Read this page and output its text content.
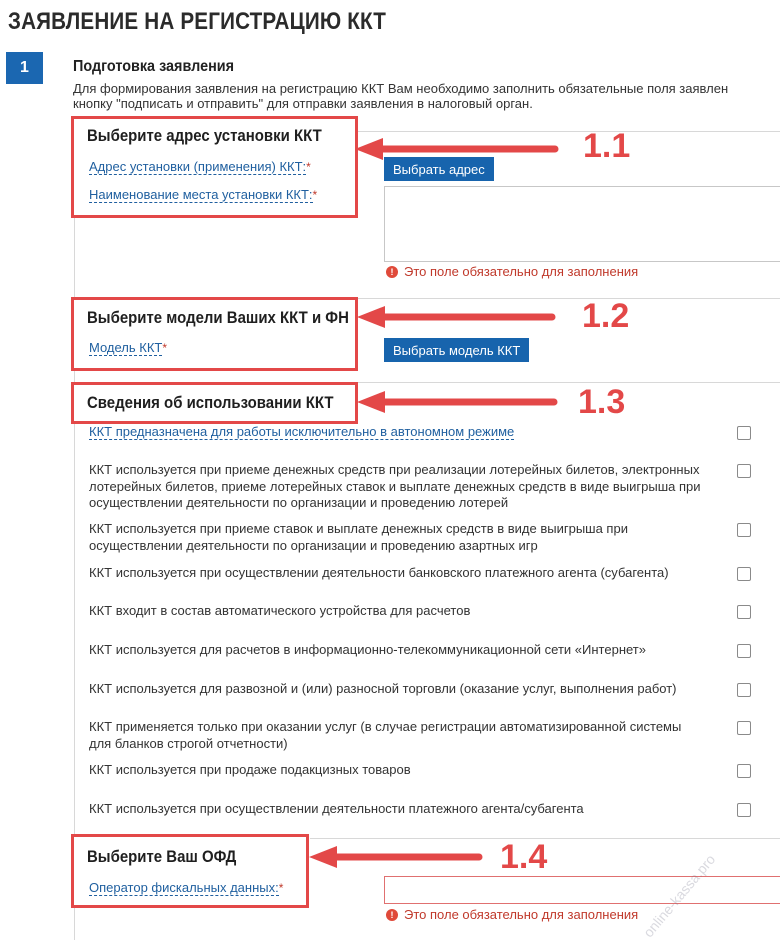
ЗАЯВЛЕНИЕ НА РЕГИСТРАЦИЮ ККТ
1	Подготовка заявления
Для формирования заявления на регистрацию ККТ Вам необходимо заполнить обязательные поля заявлен
кнопку "подписать и отправить" для отправки заявления в налоговый орган.
Выберите адрес установки ККТ
Адрес установки (применения) ККТ:*
Наименование места установки ККТ:*
Выбрать адрес
! Это поле обязательно для заполнения
1.1
Выберите модели Ваших ККТ и ФН
Модель ККТ*	Выбрать модель ККТ
1.2
Сведения об использовании ККТ	1.3
ККТ предназначена для работы исключительно в автономном режиме
ККТ используется при приеме денежных средств при реализации лотерейных билетов, электронных лотерейных билетов, приеме лотерейных ставок и выплате денежных средств в виде выигрыша при осуществлении деятельности по организации и проведению лотерей
ККТ используется при приеме ставок и выплате денежных средств в виде выигрыша при осуществлении деятельности по организации и проведению азартных игр
ККТ используется при осуществлении деятельности банковского платежного агента (субагента)
ККТ входит в состав автоматического устройства для расчетов
ККТ используется для расчетов в информационно-телекоммуникационной сети «Интернет»
ККТ используется для развозной и (или) разносной торговли (оказание услуг, выполнения работ)
ККТ применяется только при оказании услуг (в случае регистрации автоматизированной системы для бланков строгой отчетности)
ККТ используется при продаже подакцизных товаров
ККТ используется при осуществлении деятельности платежного агента/субагента
Выберите Ваш ОФД
Оператор фискальных данных:*
! Это поле обязательно для заполнения
1.4	online-kassa.pro
